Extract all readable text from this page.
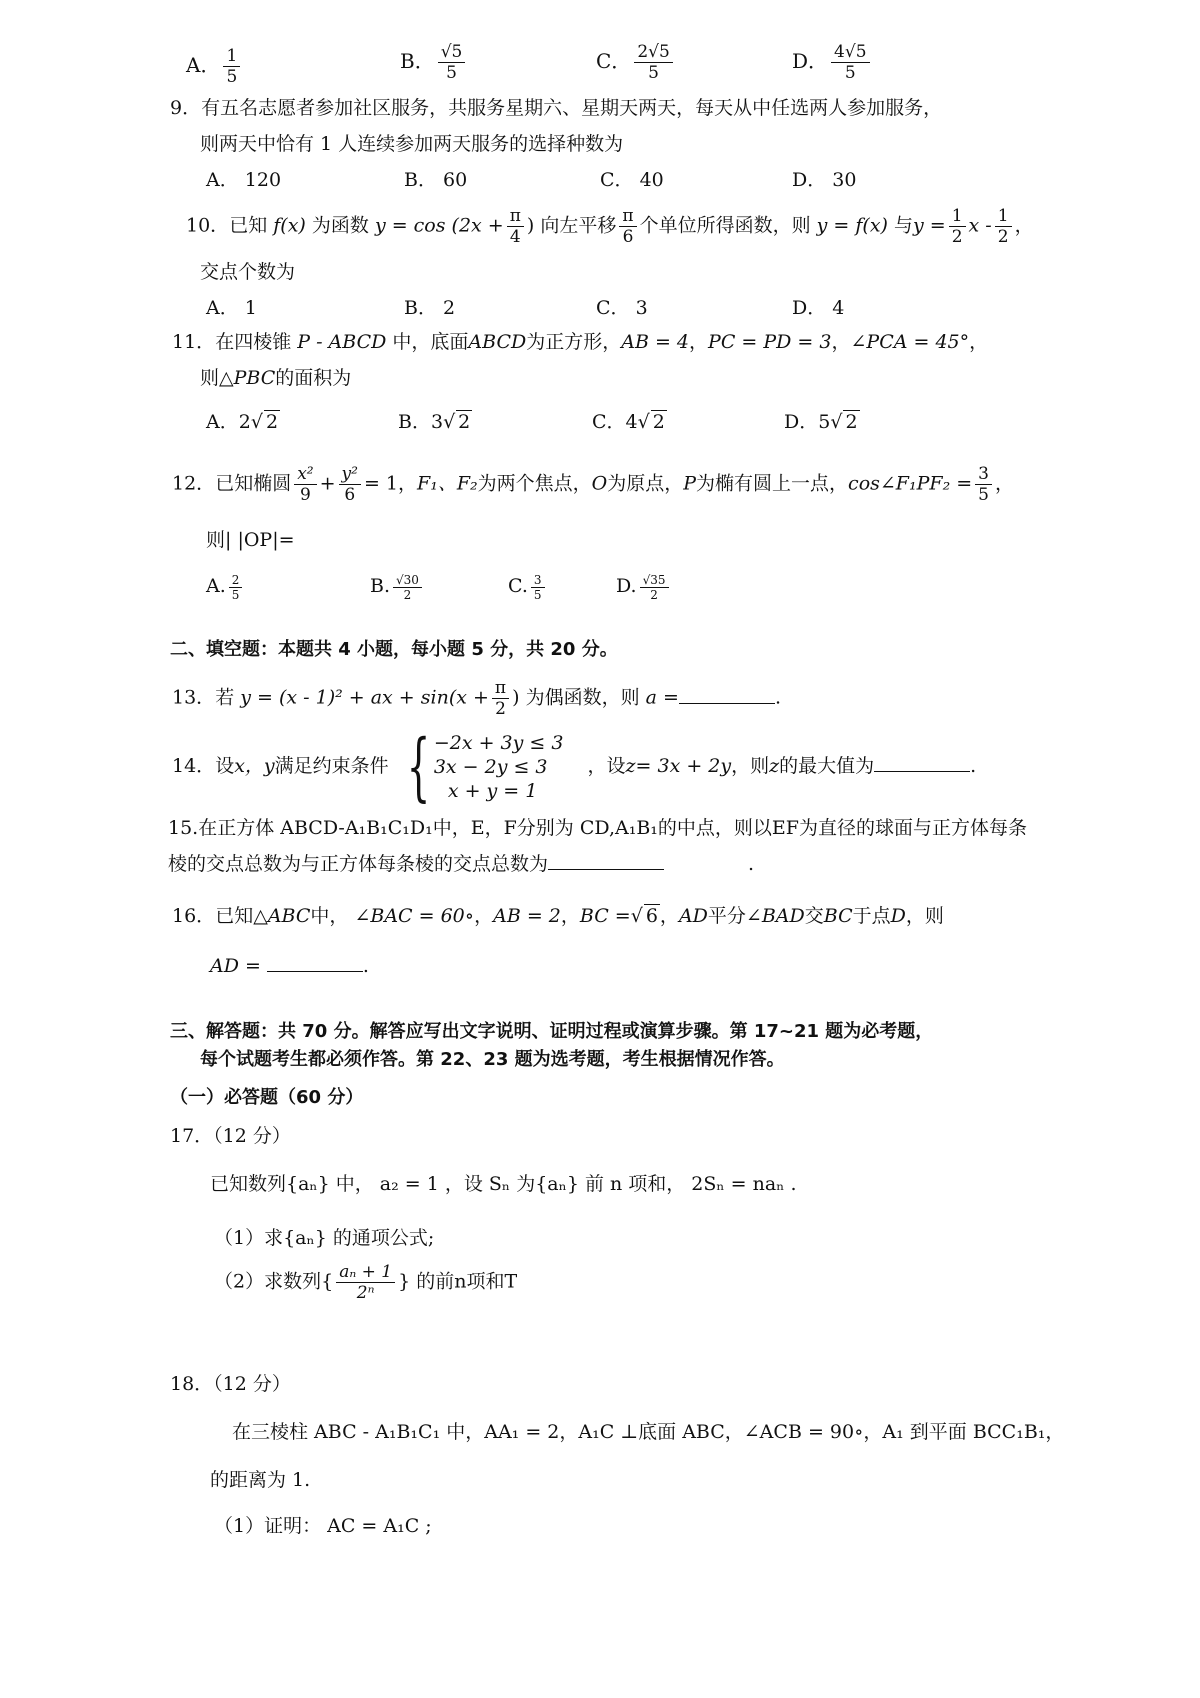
A． $\frac{1}{5}$	B． $\frac{√5}{5}$	C． $\frac{2√5}{5}$	D． $\frac{4√5}{5}$
9．有五名志愿者参加社区服务，共服务星期六、星期天两天，每天从中任选两人参加服务，
则两天中恰有 1 人连续参加两天服务的选择种数为
A． 120	B． 60	C． 40	D． 30
10．已知 f(x) 为函数 $y = \cos (2x + \frac{\pi}{4}$ ) 向左平移 $\frac{\pi}{6}$ 个单位所得函数，则 y = f(x) 与$y = \frac{1}{2}$ x - $\frac{1}{2}$ ，
交点个数为
A． 1	B． 2	C． 3	D． 4
11．在四棱锥 P - ABCD 中，底面ABCD为正方形，AB = 4，PC = PD = 3，∠PCA = 45°，
则△PBC的面积为
A．2√ 2	B．3√ 2	C．4√ 2	D．5√ 2
12．已知椭圆 $\frac{\text{x²}}{9} + \frac{\text{y²}}{6} = 1$，F₁、F₂为两个焦点，O为原点，P为椭有圆上一点，cos∠F₁PF₂ = $\frac{3}{5}$ ，
则| |OP|=
A. $\frac{2}{5}$	B. $\frac{√30}{2}$	C. $\frac{3}{5}$	D. $\frac{√35}{2}$
二、填空题：本题共 4 小题，每小题 5 分，共 20 分。
13．若 y = (x - 1)² + ax + $\sin(x + \frac{\pi}{2}$ ) 为偶函数，则 a =	.
14．设x，y满足约束条件 { −2x + 3y ≤ 3
3x − 2y ≤ 3
x + y = 1
，设z= 3x + 2y，则z的最大值为	.
15.在正方体 ABCD-A₁B₁C₁D₁中，E，F分别为 CD,A₁B₁的中点，则以EF为直径的球面与正方体每条
棱的交点总数为与正方体每条棱的交点总数为	.
16．已知△ABC中， ∠BAC = 60∘，AB = 2，BC =√ 6 ，AD平分∠BAD交BC于点D，则
AD =	.
三、解答题：共 70 分。解答应写出文字说明、证明过程或演算步骤。第 17~21 题为必考题，
每个试题考生都必须作答。第 22、23 题为选考题，考生根据情况作答。
（一）必答题（60 分）
17．（12 分）
已知数列{aₙ} 中， a₂ = 1 ，设 Sₙ 为{aₙ} 前 n 项和， 2Sₙ = naₙ .
（1）求{aₙ} 的通项公式;
（2）求数列{ $\frac{\text{aₙ + 1}}{\text{2ⁿ}}$ } 的前n项和T
18．（12 分）
在三棱柱 ABC - A₁B₁C₁ 中，AA₁ = 2，A₁C ⊥底面 ABC，∠ACB = 90∘，A₁ 到平面 BCC₁B₁，
的距离为 1.
（1）证明： AC = A₁C ;
